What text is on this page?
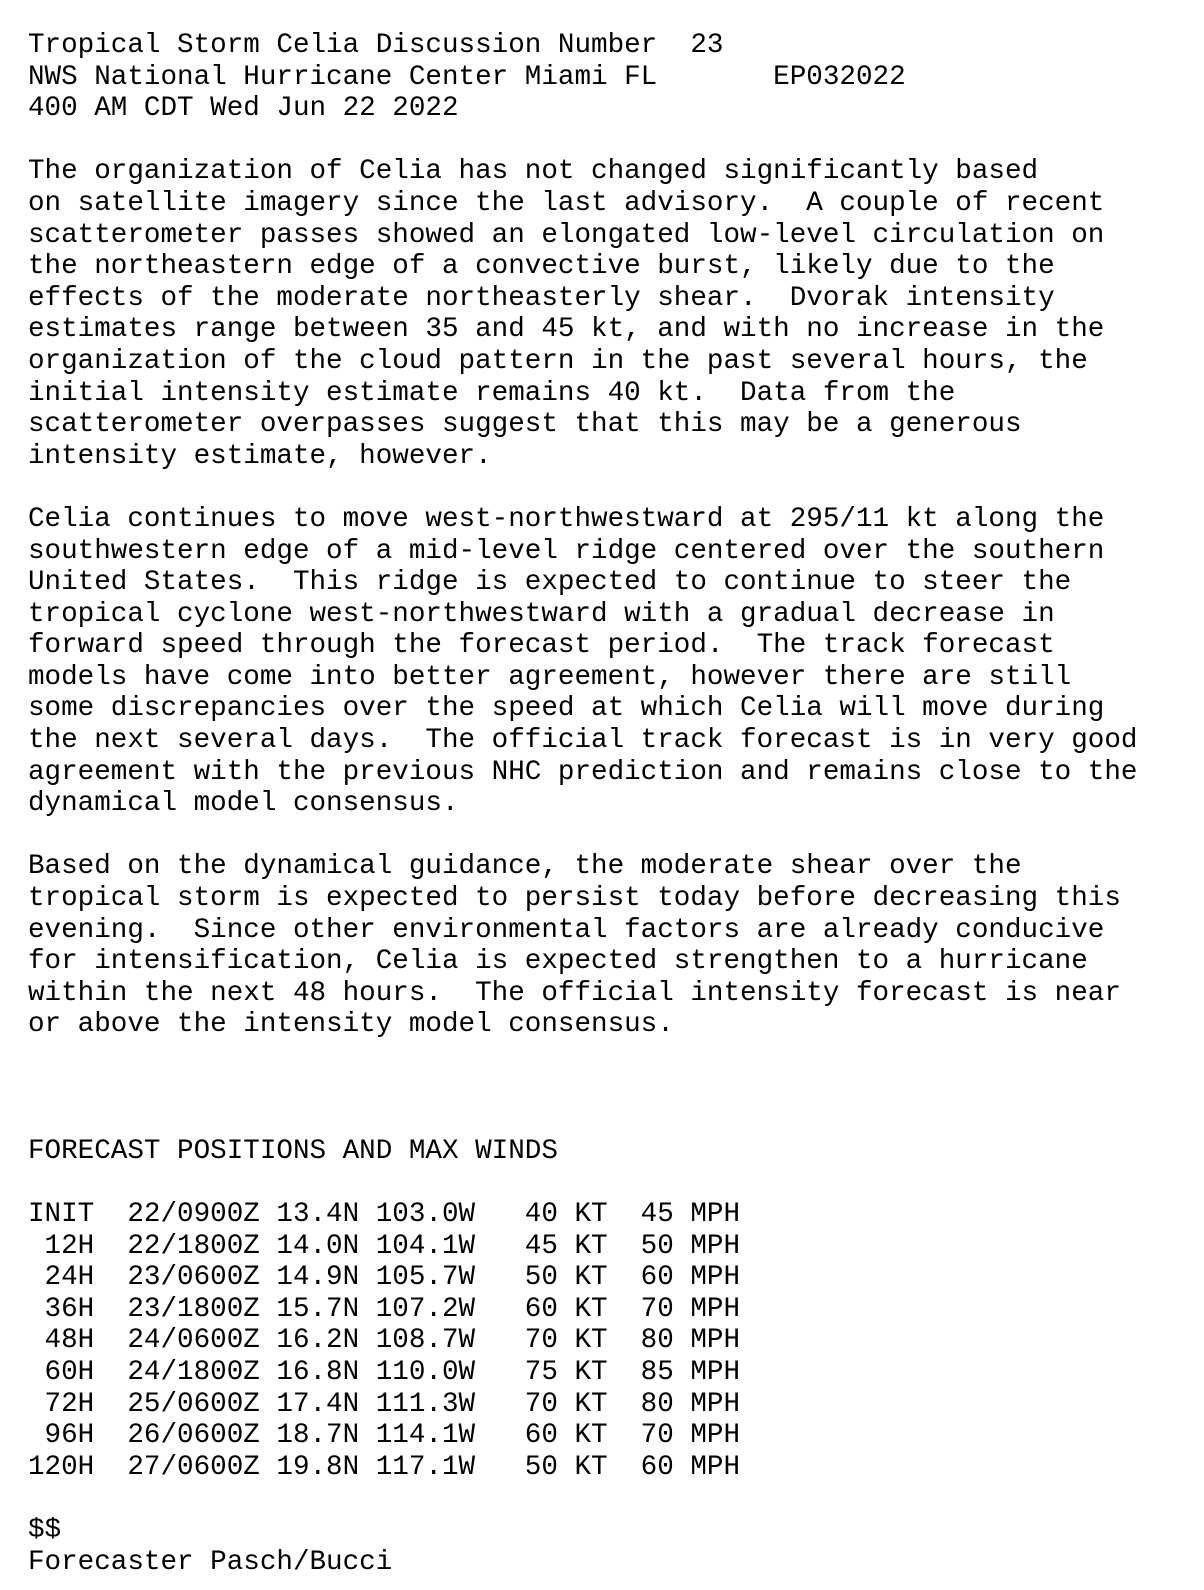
Tropical Storm Celia Discussion Number  23
NWS National Hurricane Center Miami FL       EP032022
400 AM CDT Wed Jun 22 2022
The organization of Celia has not changed significantly based
on satellite imagery since the last advisory.  A couple of recent
scatterometer passes showed an elongated low-level circulation on
the northeastern edge of a convective burst, likely due to the
effects of the moderate northeasterly shear.  Dvorak intensity
estimates range between 35 and 45 kt, and with no increase in the
organization of the cloud pattern in the past several hours, the
initial intensity estimate remains 40 kt.  Data from the
scatterometer overpasses suggest that this may be a generous
intensity estimate, however.
Celia continues to move west-northwestward at 295/11 kt along the
southwestern edge of a mid-level ridge centered over the southern
United States.  This ridge is expected to continue to steer the
tropical cyclone west-northwestward with a gradual decrease in
forward speed through the forecast period.  The track forecast
models have come into better agreement, however there are still
some discrepancies over the speed at which Celia will move during
the next several days.  The official track forecast is in very good
agreement with the previous NHC prediction and remains close to the
dynamical model consensus.
Based on the dynamical guidance, the moderate shear over the
tropical storm is expected to persist today before decreasing this
evening.  Since other environmental factors are already conducive
for intensification, Celia is expected strengthen to a hurricane
within the next 48 hours.  The official intensity forecast is near
or above the intensity model consensus.
FORECAST POSITIONS AND MAX WINDS
INIT  22/0900Z 13.4N 103.0W   40 KT  45 MPH
12H  22/1800Z 14.0N 104.1W   45 KT  50 MPH
24H  23/0600Z 14.9N 105.7W   50 KT  60 MPH
36H  23/1800Z 15.7N 107.2W   60 KT  70 MPH
48H  24/0600Z 16.2N 108.7W   70 KT  80 MPH
60H  24/1800Z 16.8N 110.0W   75 KT  85 MPH
72H  25/0600Z 17.4N 111.3W   70 KT  80 MPH
96H  26/0600Z 18.7N 114.1W   60 KT  70 MPH
120H  27/0600Z 19.8N 117.1W   50 KT  60 MPH
$$
Forecaster Pasch/Bucci
